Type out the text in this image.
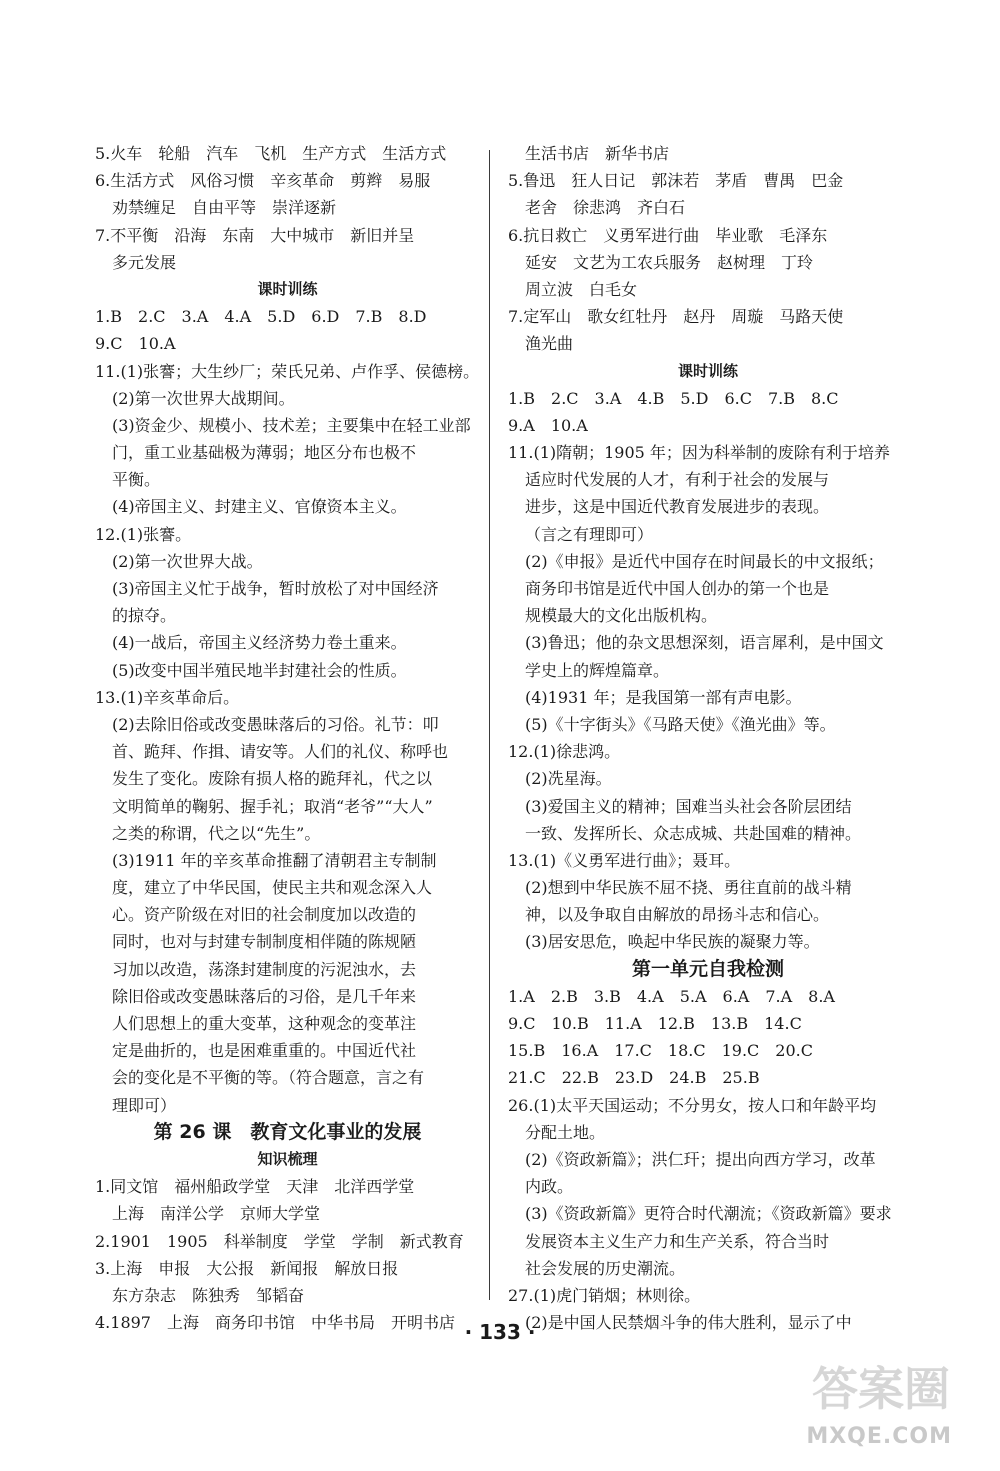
5.火车　轮船　汽车　飞机　生产方式　生活方式
6.生活方式　风俗习惯　辛亥革命　剪辫　易服
劝禁缠足　自由平等　崇洋逐新
7.不平衡　沿海　东南　大中城市　新旧并呈
多元发展
课时训练
1.B　2.C　3.A　4.A　5.D　6.D　7.B　8.D
9.C　10.A
11.(1)张謇；大生纱厂；荣氏兄弟、卢作孚、侯德榜。
(2)第一次世界大战期间。
(3)资金少、规模小、技术差；主要集中在轻工业部
门，重工业基础极为薄弱；地区分布也极不
平衡。
(4)帝国主义、封建主义、官僚资本主义。
12.(1)张謇。
(2)第一次世界大战。
(3)帝国主义忙于战争，暂时放松了对中国经济
的掠夺。
(4)一战后，帝国主义经济势力卷土重来。
(5)改变中国半殖民地半封建社会的性质。
13.(1)辛亥革命后。
(2)去除旧俗或改变愚昧落后的习俗。礼节：叩
首、跪拜、作揖、请安等。人们的礼仪、称呼也
发生了变化。废除有损人格的跪拜礼，代之以
文明简单的鞠躬、握手礼；取消“老爷”“大人”
之类的称谓，代之以“先生”。
(3)1911 年的辛亥革命推翻了清朝君主专制制
度，建立了中华民国，使民主共和观念深入人
心。资产阶级在对旧的社会制度加以改造的
同时，也对与封建专制制度相伴随的陈规陋
习加以改造，荡涤封建制度的污泥浊水，去
除旧俗或改变愚昧落后的习俗，是几千年来
人们思想上的重大变革，这种观念的变革注
定是曲折的，也是困难重重的。中国近代社
会的变化是不平衡的等。（符合题意，言之有
理即可）
第 26 课　教育文化事业的发展
知识梳理
1.同文馆　福州船政学堂　天津　北洋西学堂
上海　南洋公学　京师大学堂
2.1901　1905　科举制度　学堂　学制　新式教育
3.上海　申报　大公报　新闻报　解放日报
东方杂志　陈独秀　邹韬奋
4.1897　上海　商务印书馆　中华书局　开明书店
生活书店　新华书店
5.鲁迅　狂人日记　郭沫若　茅盾　曹禺　巴金
老舍　徐悲鸿　齐白石
6.抗日救亡　义勇军进行曲　毕业歌　毛泽东
延安　文艺为工农兵服务　赵树理　丁玲
周立波　白毛女
7.定军山　歌女红牡丹　赵丹　周璇　马路天使
渔光曲
课时训练
1.B　2.C　3.A　4.B　5.D　6.C　7.B　8.C
9.A　10.A
11.(1)隋朝；1905 年；因为科举制的废除有利于培养
适应时代发展的人才，有利于社会的发展与
进步，这是中国近代教育发展进步的表现。
（言之有理即可）
(2)《申报》是近代中国存在时间最长的中文报纸；
商务印书馆是近代中国人创办的第一个也是
规模最大的文化出版机构。
(3)鲁迅；他的杂文思想深刻，语言犀利，是中国文
学史上的辉煌篇章。
(4)1931 年；是我国第一部有声电影。
(5)《十字街头》《马路天使》《渔光曲》等。
12.(1)徐悲鸿。
(2)冼星海。
(3)爱国主义的精神；国难当头社会各阶层团结
一致、发挥所长、众志成城、共赴国难的精神。
13.(1)《义勇军进行曲》；聂耳。
(2)想到中华民族不屈不挠、勇往直前的战斗精
神，以及争取自由解放的昂扬斗志和信心。
(3)居安思危，唤起中华民族的凝聚力等。
第一单元自我检测
1.A　2.B　3.B　4.A　5.A　6.A　7.A　8.A
9.C　10.B　11.A　12.B　13.B　14.C
15.B　16.A　17.C　18.C　19.C　20.C
21.C　22.B　23.D　24.B　25.B
26.(1)太平天国运动；不分男女，按人口和年龄平均
分配土地。
(2)《资政新篇》；洪仁玕；提出向西方学习，改革
内政。
(3)《资政新篇》更符合时代潮流；《资政新篇》要求
发展资本主义生产力和生产关系，符合当时
社会发展的历史潮流。
27.(1)虎门销烟；林则徐。
(2)是中国人民禁烟斗争的伟大胜利，显示了中
· 133 ·
答案圈
MXQE.COM
